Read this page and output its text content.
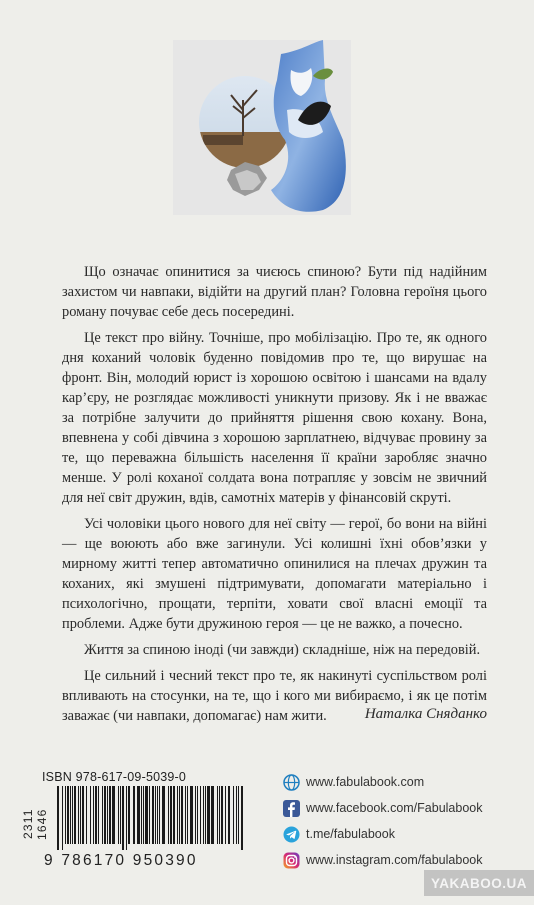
Що означає опинитися за чиєюсь спиною? Бути під надійним захистом чи навпаки, відійти на другий план? Головна героїня цього роману почуває себе десь посередині.

Це текст про війну. Точніше, про мобілізацію. Про те, як одного дня коханий чоловік буденно повідомив про те, що вирушає на фронт. Він, молодий юрист із хорошою освітою і шансами на вдалу кар’єру, не розглядає можливості уникнути призову. Як і не вважає за потрібне залучити до прийняття рішення свою кохану. Вона, впевнена у собі дівчина з хорошою зарплатнею, відчуває провину за те, що переважна більшість населення її країни заробляє значно менше. У ролі коханої солдата вона потрапляє у зовсім не звичний для неї світ дружин, вдів, самотніх матерів у фінансовій скруті.

Усі чоловіки цього нового для неї світу — герої, бо вони на війні — ще воюють або вже загинули. Усі колишні їхні обов’язки у мирному житті тепер автоматично опинилися на плечах дружин та коханих, які змушені підтримувати, допомагати матеріально і психологічно, прощати, терпіти, ховати свої власні емоції та проблеми. Адже бути дружиною героя — це не важко, а почесно.

Життя за спиною іноді (чи завжди) складніше, ніж на передовій.

Це сильний і чесний текст про те, як накинуті суспільством ролі впливають на стосунки, на те, що і кого ми вибираємо, і як це потім заважає (чи навпаки, допомагає) нам жити.	Наталка Сняданко
ISBN 978-617-09-5039-0
9 786170 950390
2311 1646
www.fabulabook.com
www.facebook.com/Fabulabook
t.me/fabulabook
www.instagram.com/fabulabook
YAKABOO.UA
